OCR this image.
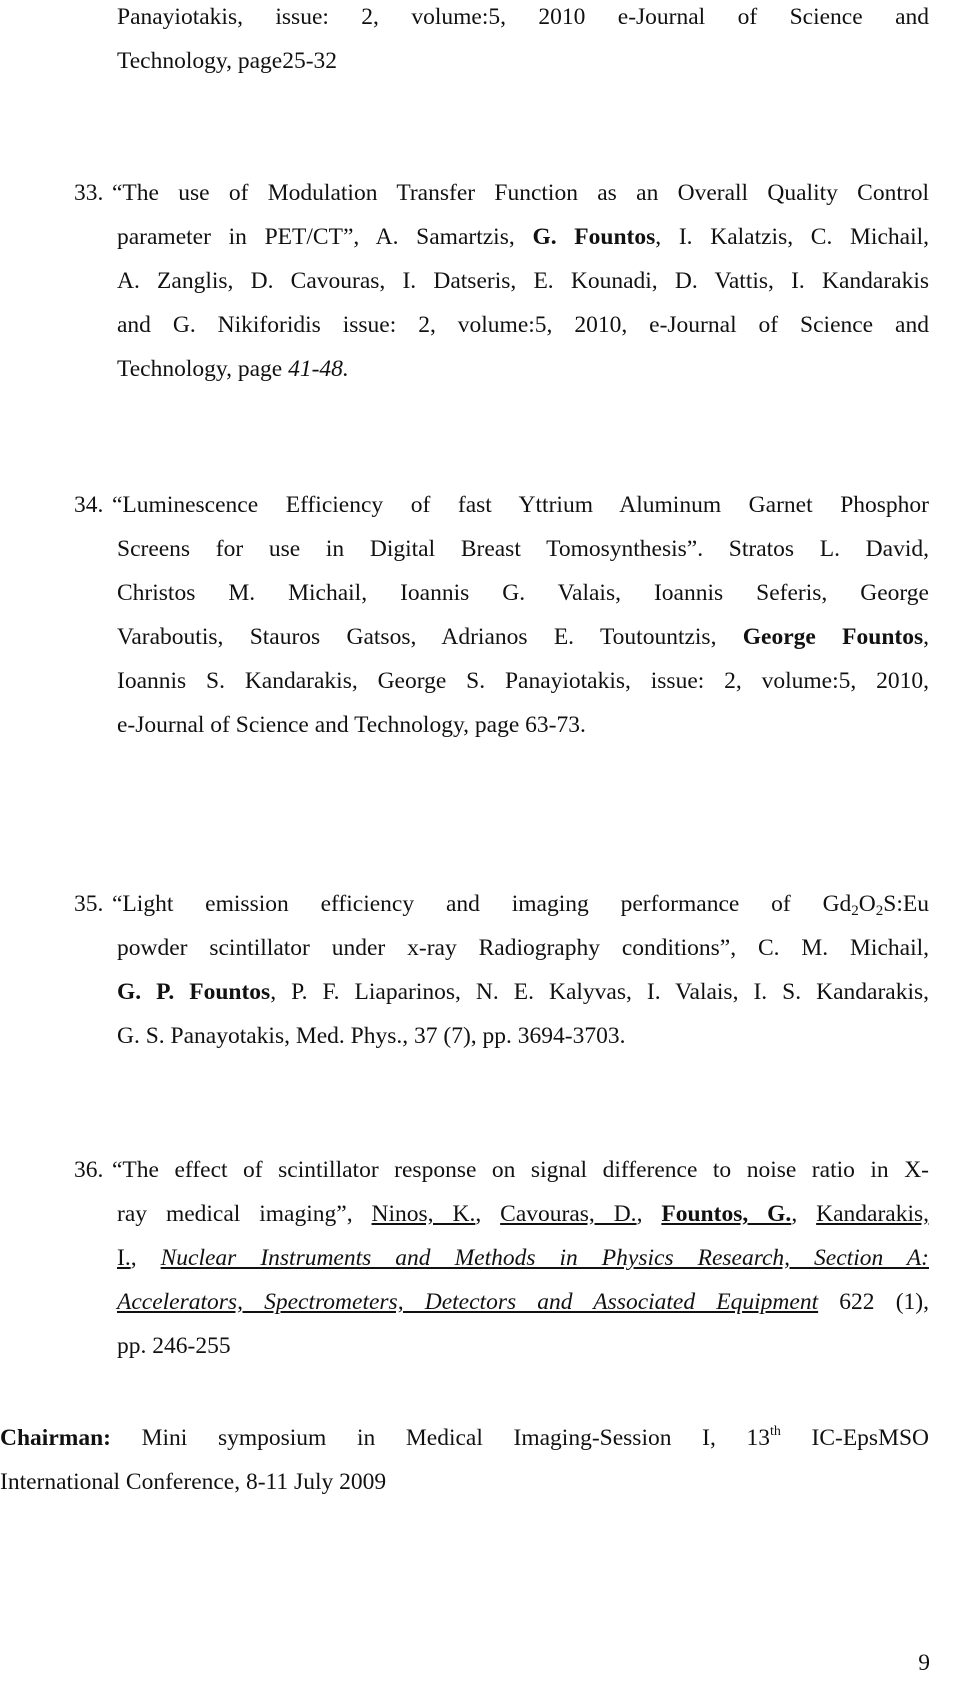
Panayiotakis, issue: 2, volume:5, 2010 e-Journal of Science and
Technology, page25-32
33. “The use of Modulation Transfer Function as an Overall Quality Control
parameter in PET/CT”, A. Samartzis, G. Fountos, I. Kalatzis, C. Michail,
A. Zanglis, D. Cavouras, I. Datseris, E. Kounadi, D. Vattis, I. Kandarakis
and G. Nikiforidis issue: 2, volume:5, 2010, e-Journal of Science and
Technology, page 41-48.
34. “Luminescence Efficiency of fast Yttrium Aluminum Garnet Phosphor
Screens for use in Digital Breast Tomosynthesis”. Stratos L. David,
Christos M. Michail, Ioannis G. Valais, Ioannis Seferis, George
Varaboutis, Stauros Gatsos, Adrianos E. Toutountzis, George Fountos,
Ioannis S. Kandarakis, George S. Panayiotakis, issue: 2, volume:5, 2010,
e-Journal of Science and Technology, page 63-73.
35. “Light emission efficiency and imaging performance of $Gd_2O_2S:Eu$
powder scintillator under x-ray Radiography conditions”, C. M. Michail,
G. P. Fountos, P. F. Liaparinos, N. E. Kalyvas, I. Valais, I. S. Kandarakis,
G. S. Panayotakis, Med. Phys., 37 (7), pp. 3694-3703.
36. “The effect of scintillator response on signal difference to noise ratio in X-
ray medical imaging”, Ninos, K., Cavouras, D., Fountos, G., Kandarakis,
I., Nuclear Instruments and Methods in Physics Research, Section A:
Accelerators, Spectrometers, Detectors and Associated Equipment 622 (1),
pp. 246-255
Chairman: Mini symposium in Medical Imaging-Session I, 13th IC-EpsMSO
International Conference, 8-11 July 2009
9
